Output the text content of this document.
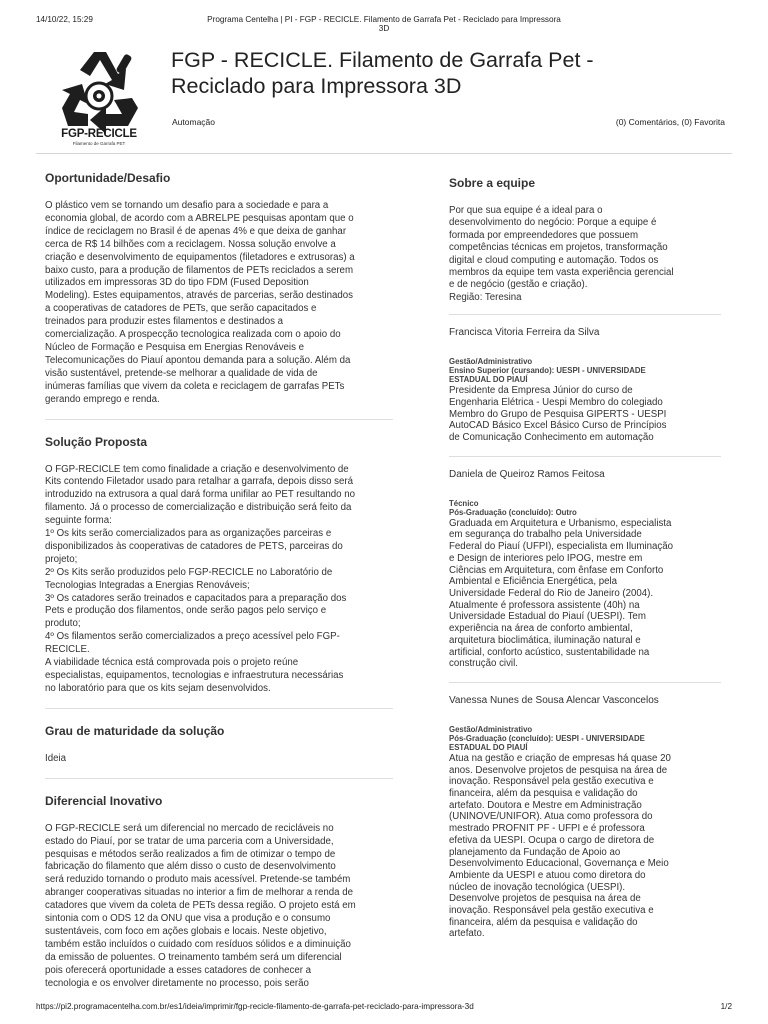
14/10/22, 15:29	Programa Centelha | PI - FGP - RECICLE. Filamento de Garrafa Pet - Reciclado para Impressora 3D
FGP-RECICLE
Filamento de Garrafa PET
FGP - RECICLE. Filamento de Garrafa Pet - Reciclado para Impressora 3D
Automação	(0) Comentários, (0) Favorita
Oportunidade/Desafio

O plástico vem se tornando um desafio para a sociedade e para a
economia global, de acordo com a ABRELPE pesquisas apontam que o
índice de reciclagem no Brasil é de apenas 4% e que deixa de ganhar
cerca de R$ 14 bilhões com a reciclagem. Nossa solução envolve a
criação e desenvolvimento de equipamentos (filetadores e extrusoras) a
baixo custo, para a produção de filamentos de PETs reciclados a serem
utilizados em impressoras 3D do tipo FDM (Fused Deposition
Modeling). Estes equipamentos, através de parcerias, serão destinados
a cooperativas de catadores de PETs, que serão capacitados e
treinados para produzir estes filamentos e destinados a
comercialização. A prospecção tecnologica realizada com o apoio do
Núcleo de Formação e Pesquisa em Energias Renováveis e
Telecomunicações do Piauí apontou demanda para a solução. Além da
visão sustentável, pretende-se melhorar a qualidade de vida de
inúmeras famílias que vivem da coleta e reciclagem de garrafas PETs
gerando emprego e renda.

Solução Proposta

O FGP-RECICLE tem como finalidade a criação e desenvolvimento de
Kits contendo Filetador usado para retalhar a garrafa, depois disso será
introduzido na extrusora a qual dará forma unifilar ao PET resultando no
filamento. Já o processo de comercialização e distribuição será feito da
seguinte forma:
1º Os kits serão comercializados para as organizações parceiras e
disponibilizados às cooperativas de catadores de PETS, parceiras do
projeto;
2º Os Kits serão produzidos pelo FGP-RECICLE no Laboratório de
Tecnologias Integradas a Energias Renováveis;
3º Os catadores serão treinados e capacitados para a preparação dos
Pets e produção dos filamentos, onde serão pagos pelo serviço e
produto;
4º Os filamentos serão comercializados a preço acessível pelo FGP-
RECICLE.
A viabilidade técnica está comprovada pois o projeto reúne
especialistas, equipamentos, tecnologias e infraestrutura necessárias
no laboratório para que os kits sejam desenvolvidos.

Grau de maturidade da solução

Ideia

Diferencial Inovativo

O FGP-RECICLE será um diferencial no mercado de recicláveis no
estado do Piauí, por se tratar de uma parceria com a Universidade,
pesquisas e métodos serão realizados a fim de otimizar o tempo de
fabricação do filamento que além disso o custo de desenvolvimento
será reduzido tornando o produto mais acessível. Pretende-se também
abranger cooperativas situadas no interior a fim de melhorar a renda de
catadores que vivem da coleta de PETs dessa região. O projeto está em
sintonia com o ODS 12 da ONU que visa a produção e o consumo
sustentáveis, com foco em ações globais e locais. Neste objetivo,
também estão incluídos o cuidado com resíduos sólidos e a diminuição
da emissão de poluentes. O treinamento também será um diferencial
pois oferecerá oportunidade a esses catadores de conhecer a
tecnologia e os envolver diretamente no processo, pois serão

Sobre a equipe

Por que sua equipe é a ideal para o
desenvolvimento do negócio: Porque a equipe é
formada por empreendedores que possuem
competências técnicas em projetos, transformação
digital e cloud computing e automação. Todos os
membros da equipe tem vasta experiência gerencial
e de negócio (gestão e criação).
Região: Teresina

Francisca Vitoria Ferreira da Silva
Gestão/Administrativo
Ensino Superior (cursando): UESPI - UNIVERSIDADE
ESTADUAL DO PIAUÍ
Presidente da Empresa Júnior do curso de
Engenharia Elétrica - Uespi Membro do colegiado
Membro do Grupo de Pesquisa GIPERTS - UESPI
AutoCAD Básico Excel Básico Curso de Princípios
de Comunicação Conhecimento em automação
Daniela de Queiroz Ramos Feitosa
Técnico
Pós-Graduação (concluído): Outro
Graduada em Arquitetura e Urbanismo, especialista
em segurança do trabalho pela Universidade
Federal do Piauí (UFPI), especialista em Iluminação
e Design de interiores pelo IPOG, mestre em
Ciências em Arquitetura, com ênfase em Conforto
Ambiental e Eficiência Energética, pela
Universidade Federal do Rio de Janeiro (2004).
Atualmente é professora assistente (40h) na
Universidade Estadual do Piauí (UESPI). Tem
experiência na área de conforto ambiental,
arquitetura bioclimática, iluminação natural e
artificial, conforto acústico, sustentabilidade na
construção civil.
Vanessa Nunes de Sousa Alencar Vasconcelos
Gestão/Administrativo
Pós-Graduação (concluído): UESPI - UNIVERSIDADE
ESTADUAL DO PIAUÍ
Atua na gestão e criação de empresas há quase 20
anos. Desenvolve projetos de pesquisa na área de
inovação. Responsável pela gestão executiva e
financeira, além da pesquisa e validação do
artefato. Doutora e Mestre em Administração
(UNINOVE/UNIFOR). Atua como professora do
mestrado PROFNIT PF - UFPI e é professora
efetiva da UESPI. Ocupa o cargo de diretora de
planejamento da Fundação de Apoio ao
Desenvolvimento Educacional, Governança e Meio
Ambiente da UESPI e atuou como diretora do
núcleo de inovação tecnológica (UESPI).
Desenvolve projetos de pesquisa na área de
inovação. Responsável pela gestão executiva e
financeira, além da pesquisa e validação do
artefato.
https://pi2.programacentelha.com.br/es1/ideia/imprimir/fgp-recicle-filamento-de-garrafa-pet-reciclado-para-impressora-3d	1/2
